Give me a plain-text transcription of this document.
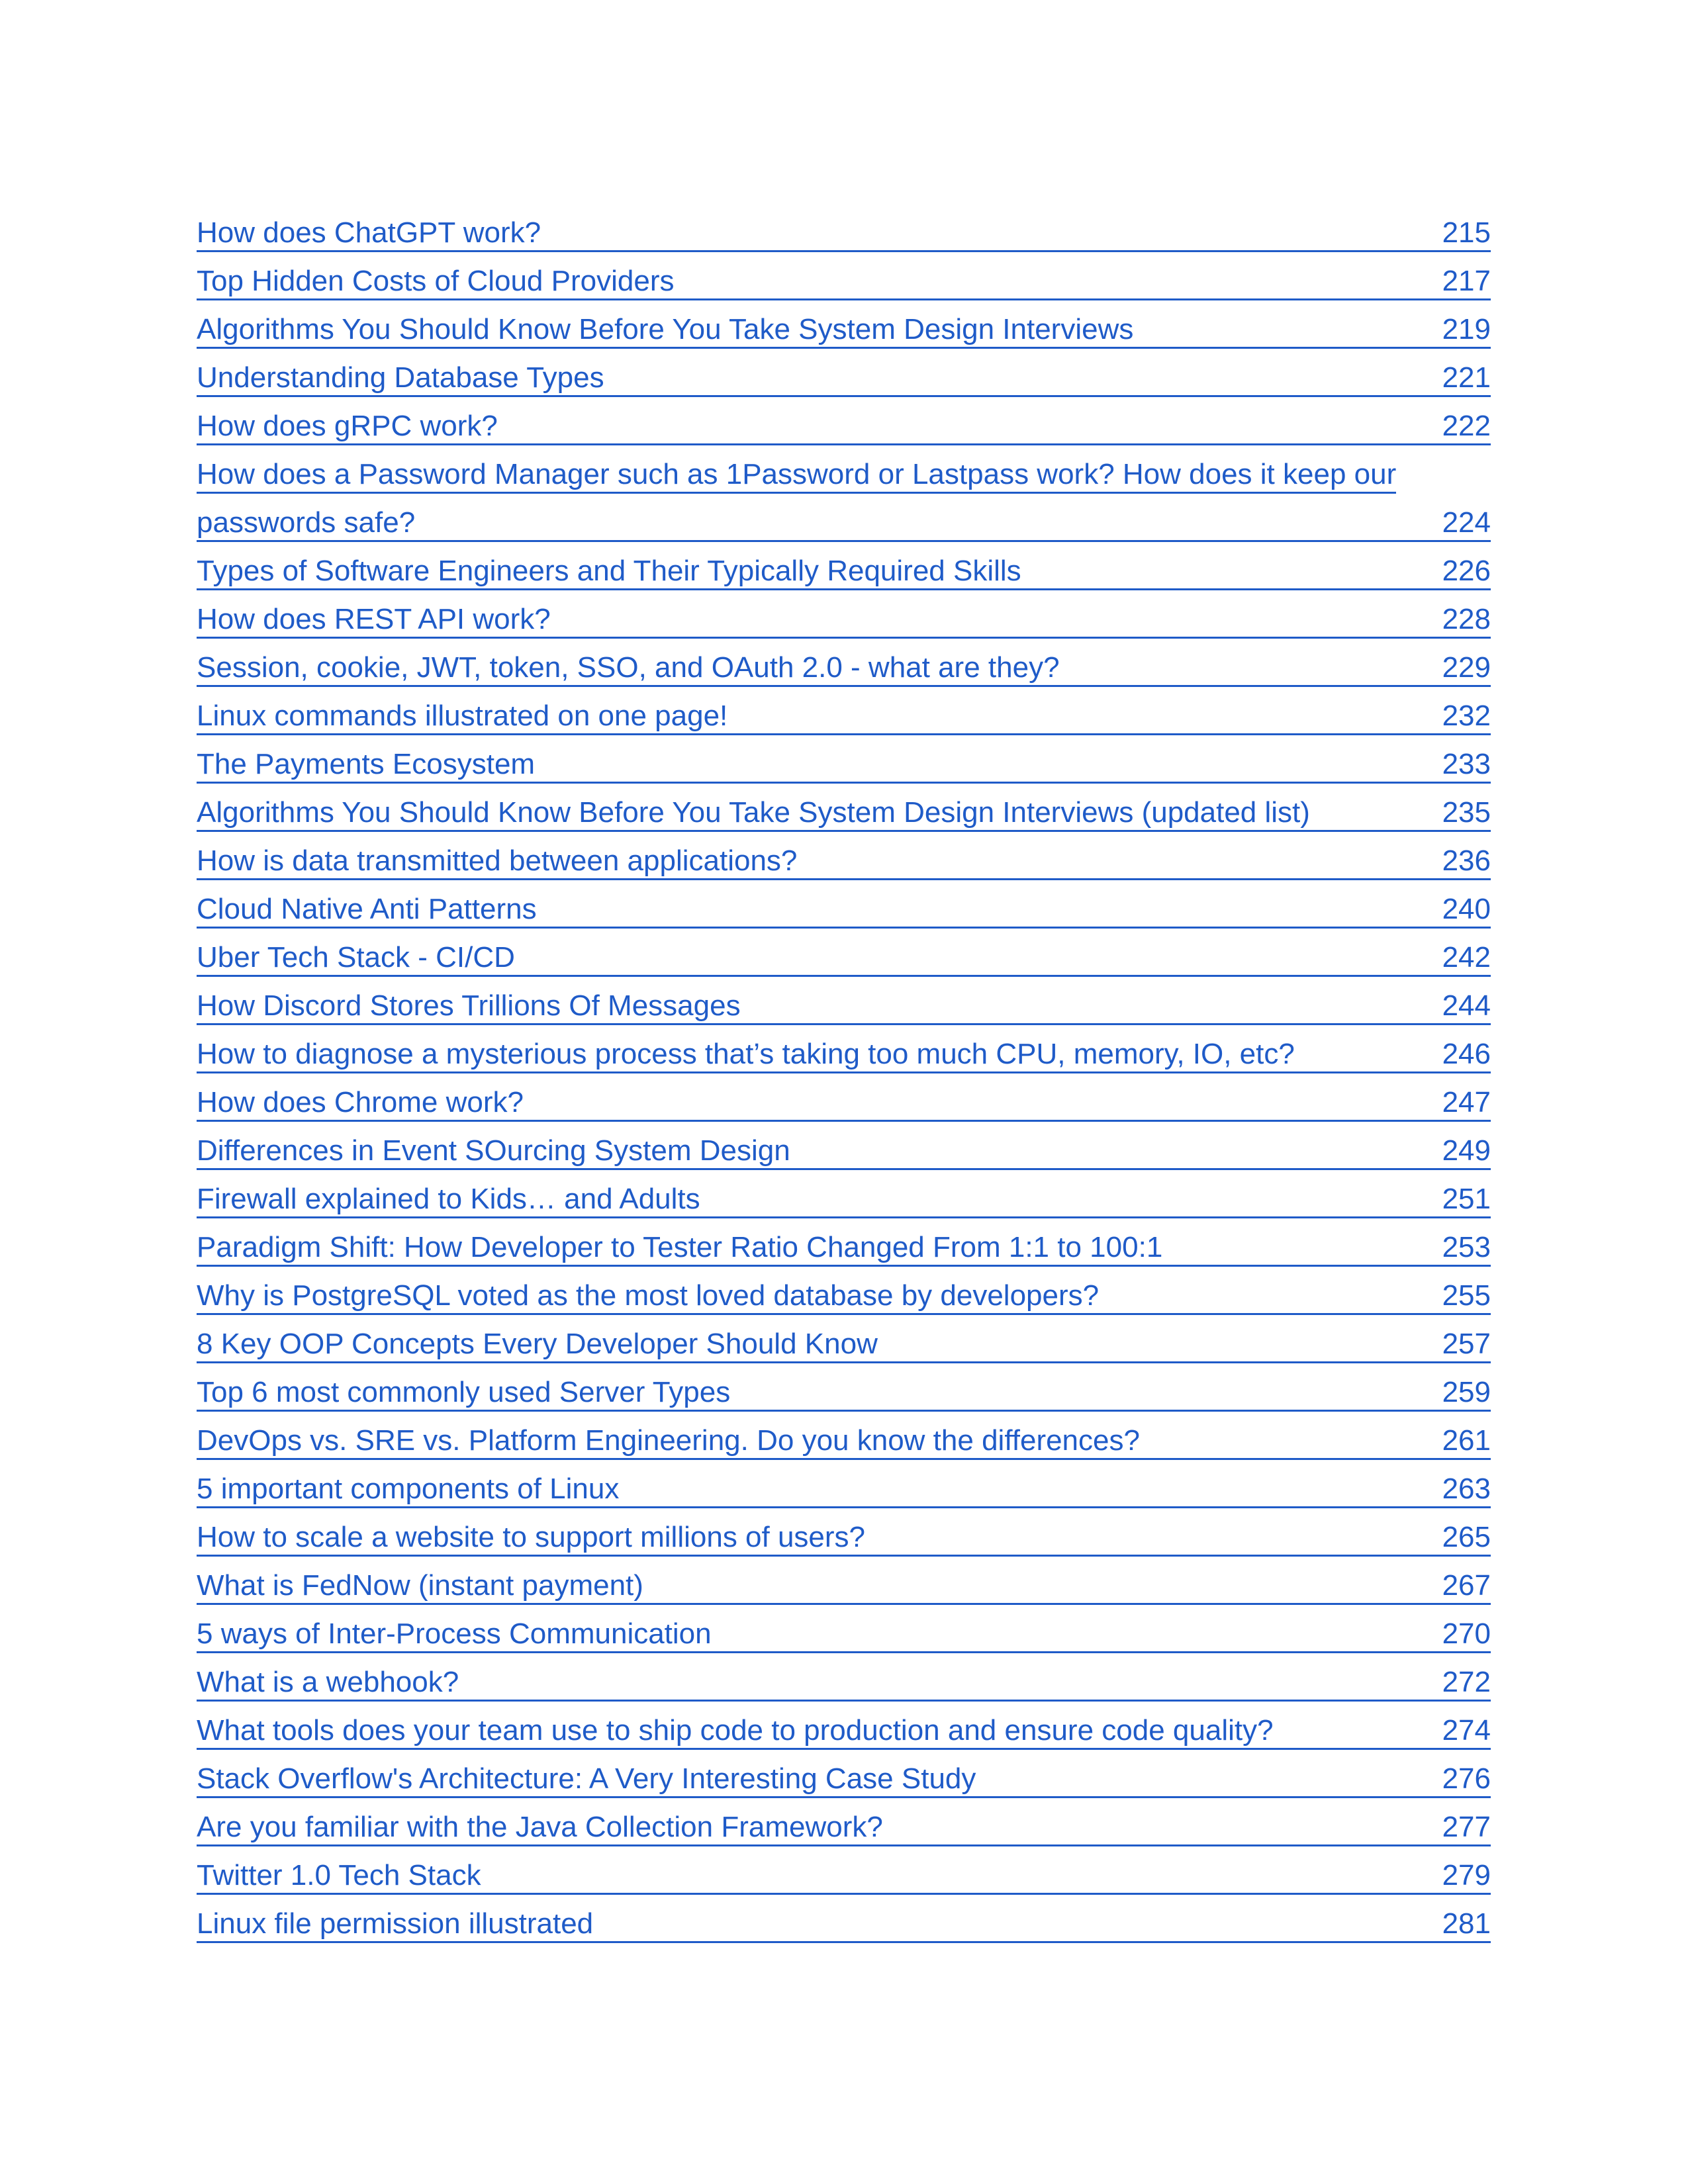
How does ChatGPT work?	215
Top Hidden Costs of Cloud Providers	217
Algorithms You Should Know Before You Take System Design Interviews	219
Understanding Database Types	221
How does gRPC work?	222
How does a Password Manager such as 1Password or Lastpass work? How does it keep our
passwords safe?	224
Types of Software Engineers and Their Typically Required Skills	226
How does REST API work?	228
Session, cookie, JWT, token, SSO, and OAuth 2.0 - what are they?	229
Linux commands illustrated on one page!	232
The Payments Ecosystem	233
Algorithms You Should Know Before You Take System Design Interviews (updated list)	235
How is data transmitted between applications?	236
Cloud Native Anti Patterns	240
Uber Tech Stack - CI/CD	242
How Discord Stores Trillions Of Messages	244
How to diagnose a mysterious process that’s taking too much CPU, memory, IO, etc?	246
How does Chrome work?	247
Differences in Event SOurcing System Design	249
Firewall explained to Kids… and Adults	251
Paradigm Shift: How Developer to Tester Ratio Changed From 1:1 to 100:1	253
Why is PostgreSQL voted as the most loved database by developers?	255
8 Key OOP Concepts Every Developer Should Know	257
Top 6 most commonly used Server Types	259
DevOps vs. SRE vs. Platform Engineering. Do you know the differences?	261
5 important components of Linux	263
How to scale a website to support millions of users?	265
What is FedNow (instant payment)	267
5 ways of Inter-Process Communication	270
What is a webhook?	272
What tools does your team use to ship code to production and ensure code quality?	274
Stack Overflow's Architecture: A Very Interesting Case Study	276
Are you familiar with the Java Collection Framework?	277
Twitter 1.0 Tech Stack	279
Linux file permission illustrated	281
